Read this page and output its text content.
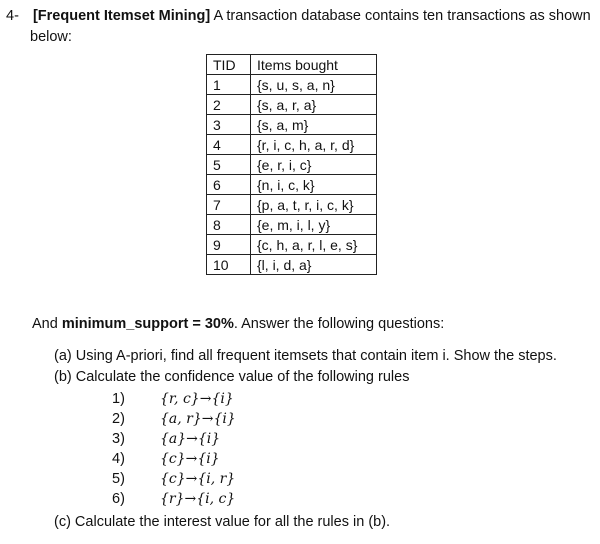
4- [Frequent Itemset Mining] A transaction database contains ten transactions as shown
below:
TID	Items bought
1	{s, u, s, a, n}
2	{s, a, r, a}
3	{s, a, m}
4	{r, i, c, h, a, r, d}
5	{e, r, i, c}
6	{n, i, c, k}
7	{p, a, t, r, i, c, k}
8	{e, m, i, l, y}
9	{c, h, a, r, l, e, s}
10	{l, i, d, a}
And minimum_support = 30%. Answer the following questions:
(a) Using A-priori, find all frequent itemsets that contain item i. Show the steps.
(b) Calculate the confidence value of the following rules
1)	{r, c}→{i}
2)	{a, r}→{i}
3)	{a}→{i}
4)	{c}→{i}
5)	{c}→{i, r}
6)	{r}→{i, c}
(c) Calculate the interest value for all the rules in (b).
